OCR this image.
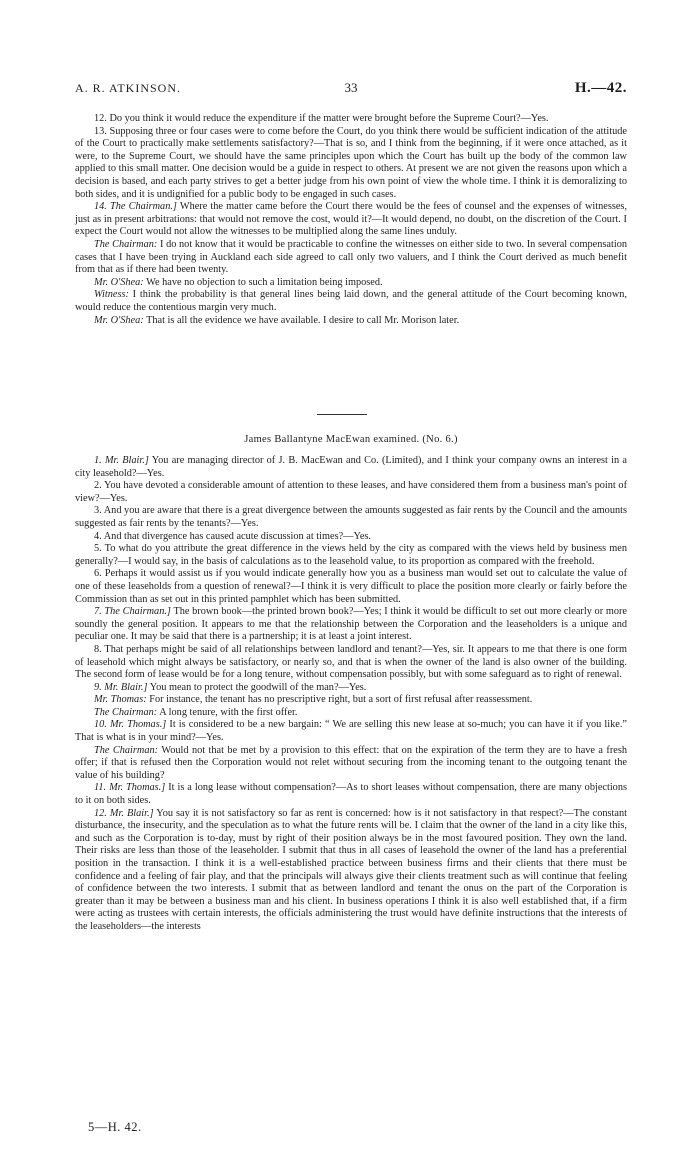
A. R. ATKINSON.	33	H.—42.

12. Do you think it would reduce the expenditure if the matter were brought before the Supreme Court?—Yes.

13. Supposing three or four cases were to come before the Court, do you think there would be sufficient indication of the attitude of the Court to practically make settlements satisfactory?—That is so, and I think from the beginning, if it were once attached, as it were, to the Supreme Court, we should have the same principles upon which the Court has built up the body of the common law applied to this small matter. One decision would be a guide in respect to others. At present we are not given the reasons upon which a decision is based, and each party strives to get a better judge from his own point of view the whole time. I think it is demoralizing to both sides, and it is undignified for a public body to be engaged in such cases.

14. The Chairman.] Where the matter came before the Court there would be the fees of counsel and the expenses of witnesses, just as in present arbitrations: that would not remove the cost, would it?—It would depend, no doubt, on the discretion of the Court. I expect the Court would not allow the witnesses to be multiplied along the same lines unduly.

The Chairman: I do not know that it would be practicable to confine the witnesses on either side to two. In several compensation cases that I have been trying in Auckland each side agreed to call only two valuers, and I think the Court derived as much benefit from that as if there had been twenty.

Mr. O'Shea: We have no objection to such a limitation being imposed.

Witness: I think the probability is that general lines being laid down, and the general attitude of the Court becoming known, would reduce the contentious margin very much.

Mr. O'Shea: That is all the evidence we have available. I desire to call Mr. Morison later.

James Ballantyne MacEwan examined. (No. 6.)

1. Mr. Blair.] You are managing director of J. B. MacEwan and Co. (Limited), and I think your company owns an interest in a city leasehold?—Yes.

2. You have devoted a considerable amount of attention to these leases, and have considered them from a business man's point of view?—Yes.

3. And you are aware that there is a great divergence between the amounts suggested as fair rents by the Council and the amounts suggested as fair rents by the tenants?—Yes.

4. And that divergence has caused acute discussion at times?—Yes.

5. To what do you attribute the great difference in the views held by the city as compared with the views held by business men generally?—I would say, in the basis of calculations as to the leasehold value, to its proportion as compared with the freehold.

6. Perhaps it would assist us if you would indicate generally how you as a business man would set out to calculate the value of one of these leaseholds from a question of renewal?—I think it is very difficult to place the position more clearly or fairly before the Commission than as set out in this printed pamphlet which has been submitted.

7. The Chairman.] The brown book—the printed brown book?—Yes; I think it would be difficult to set out more clearly or more soundly the general position. It appears to me that the relationship between the Corporation and the leaseholders is a unique and peculiar one. It may be said that there is a partnership; it is at least a joint interest.

8. That perhaps might be said of all relationships between landlord and tenant?—Yes, sir. It appears to me that there is one form of leasehold which might always be satisfactory, or nearly so, and that is when the owner of the land is also owner of the building. The second form of lease would be for a long tenure, without compensation possibly, but with some safeguard as to right of renewal.

9. Mr. Blair.] You mean to protect the goodwill of the man?—Yes.

Mr. Thomas: For instance, the tenant has no prescriptive right, but a sort of first refusal after reassessment.

The Chairman: A long tenure, with the first offer.

10. Mr. Thomas.] It is considered to be a new bargain: “ We are selling this new lease at so-much; you can have it if you like.” That is what is in your mind?—Yes.

The Chairman: Would not that be met by a provision to this effect: that on the expiration of the term they are to have a fresh offer; if that is refused then the Corporation would not relet without securing from the incoming tenant to the outgoing tenant the value of his building?

11. Mr. Thomas.] It is a long lease without compensation?—As to short leases without compensation, there are many objections to it on both sides.

12. Mr. Blair.] You say it is not satisfactory so far as rent is concerned: how is it not satisfactory in that respect?—The constant disturbance, the insecurity, and the speculation as to what the future rents will be. I claim that the owner of the land in a city like this, and such as the Corporation is to-day, must by right of their position always be in the most favoured position. They own the land. Their risks are less than those of the leaseholder. I submit that thus in all cases of leasehold the owner of the land has a preferential position in the transaction. I think it is a well-established practice between business firms and their clients that there must be confidence and a feeling of fair play, and that the principals will always give their clients treatment such as will continue that feeling of confidence between the two interests. I submit that as between landlord and tenant the onus on the part of the Corporation is greater than it may be between a business man and his client. In business operations I think it is also well established that, if a firm were acting as trustees with certain interests, the officials administering the trust would have definite instructions that the interests of the leaseholders—the interests

5—H. 42.
